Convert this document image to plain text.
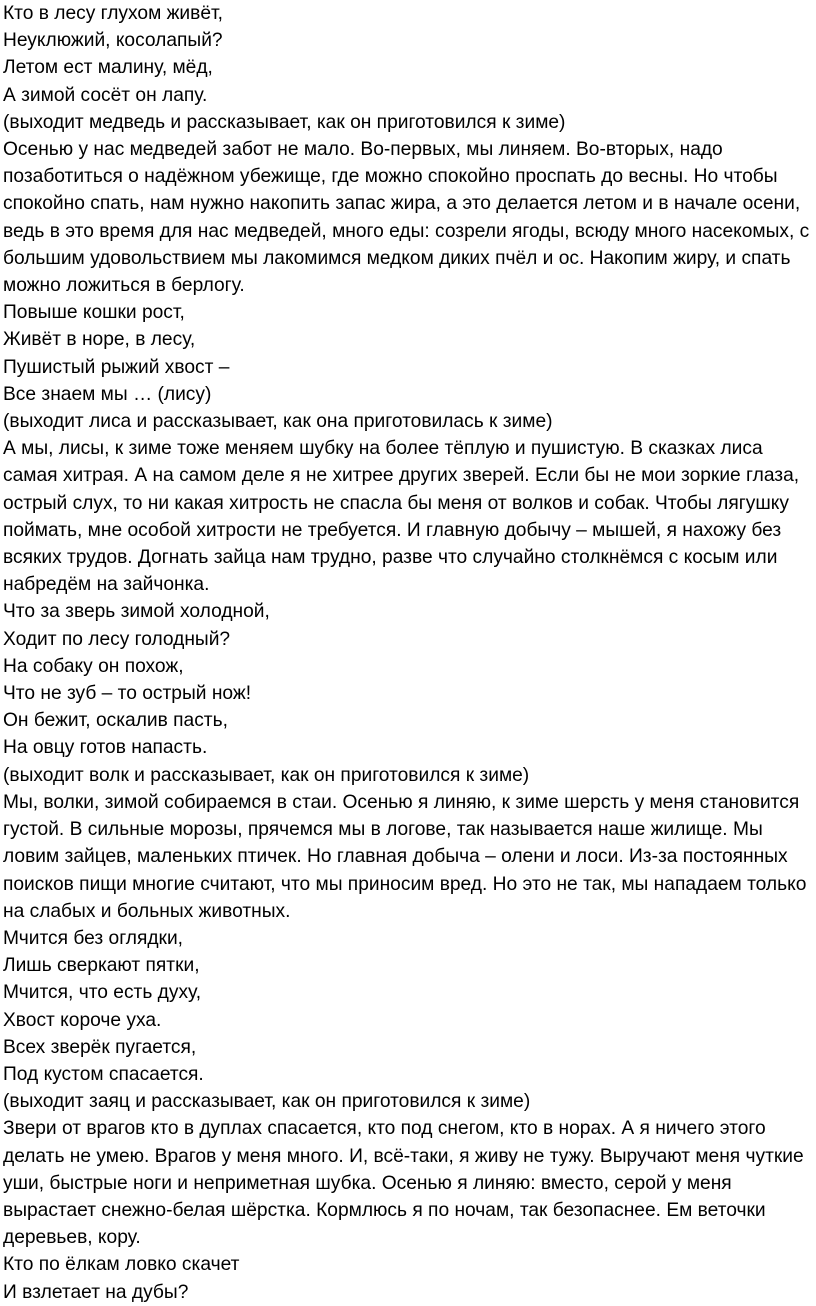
Кто в лесу глухом живёт,

Неуклюжий, косолапый?

Летом ест малину, мёд,

А зимой сосёт он лапу.

(выходит медведь и рассказывает, как он приготовился к зиме)

Осенью у нас медведей забот не мало. Во-первых, мы линяем. Во-вторых, надо позаботиться о надёжном убежище, где можно спокойно проспать до весны. Но чтобы спокойно спать, нам нужно накопить запас жира, а это делается летом и в начале осени, ведь в это время для нас медведей, много еды: созрели ягоды, всюду много насекомых, с большим удовольствием мы лакомимся медком диких пчёл и ос. Накопим жиру, и спать можно ложиться в берлогу.

Повыше кошки рост,

Живёт в норе, в лесу,

Пушистый рыжий хвост –

Все знаем мы … (лису)

(выходит лиса и рассказывает, как она приготовилась к зиме)

А мы, лисы, к зиме тоже меняем шубку на более тёплую и пушистую. В сказках лиса самая хитрая. А на самом деле я не хитрее других зверей. Если бы не мои зоркие глаза, острый слух, то ни какая хитрость не спасла бы меня от волков и собак. Чтобы лягушку поймать, мне особой хитрости не требуется. И главную добычу – мышей, я нахожу без всяких трудов. Догнать зайца нам трудно, разве что случайно столкнёмся с косым или набредём на зайчонка.

Что за зверь зимой холодной,

Ходит по лесу голодный?

На собаку он похож,

Что не зуб – то острый нож!

Он бежит, оскалив пасть,

На овцу готов напасть.

(выходит волк и рассказывает, как он приготовился к зиме)

Мы, волки, зимой собираемся в стаи. Осенью я линяю, к зиме шерсть у меня становится густой. В сильные морозы, прячемся мы в логове, так называется наше жилище. Мы ловим зайцев, маленьких птичек. Но главная добыча – олени и лоси. Из-за постоянных поисков пищи многие считают, что мы приносим вред. Но это не так, мы нападаем только на слабых и больных животных.

Мчится без оглядки,

Лишь сверкают пятки,

Мчится, что есть духу,

Хвост короче уха.

Всех зверёк пугается,

Под кустом спасается.

(выходит заяц и рассказывает, как он приготовился к зиме)

Звери от врагов кто в дуплах спасается, кто под снегом, кто в норах. А я ничего этого делать не умею. Врагов у меня много. И, всё-таки, я живу не тужу. Выручают меня чуткие уши, быстрые ноги и неприметная шубка. Осенью я линяю: вместо, серой у меня вырастает снежно-белая шёрстка. Кормлюсь я по ночам, так безопаснее. Ем веточки деревьев, кору.

Кто по ёлкам ловко скачет

И взлетает на дубы?
